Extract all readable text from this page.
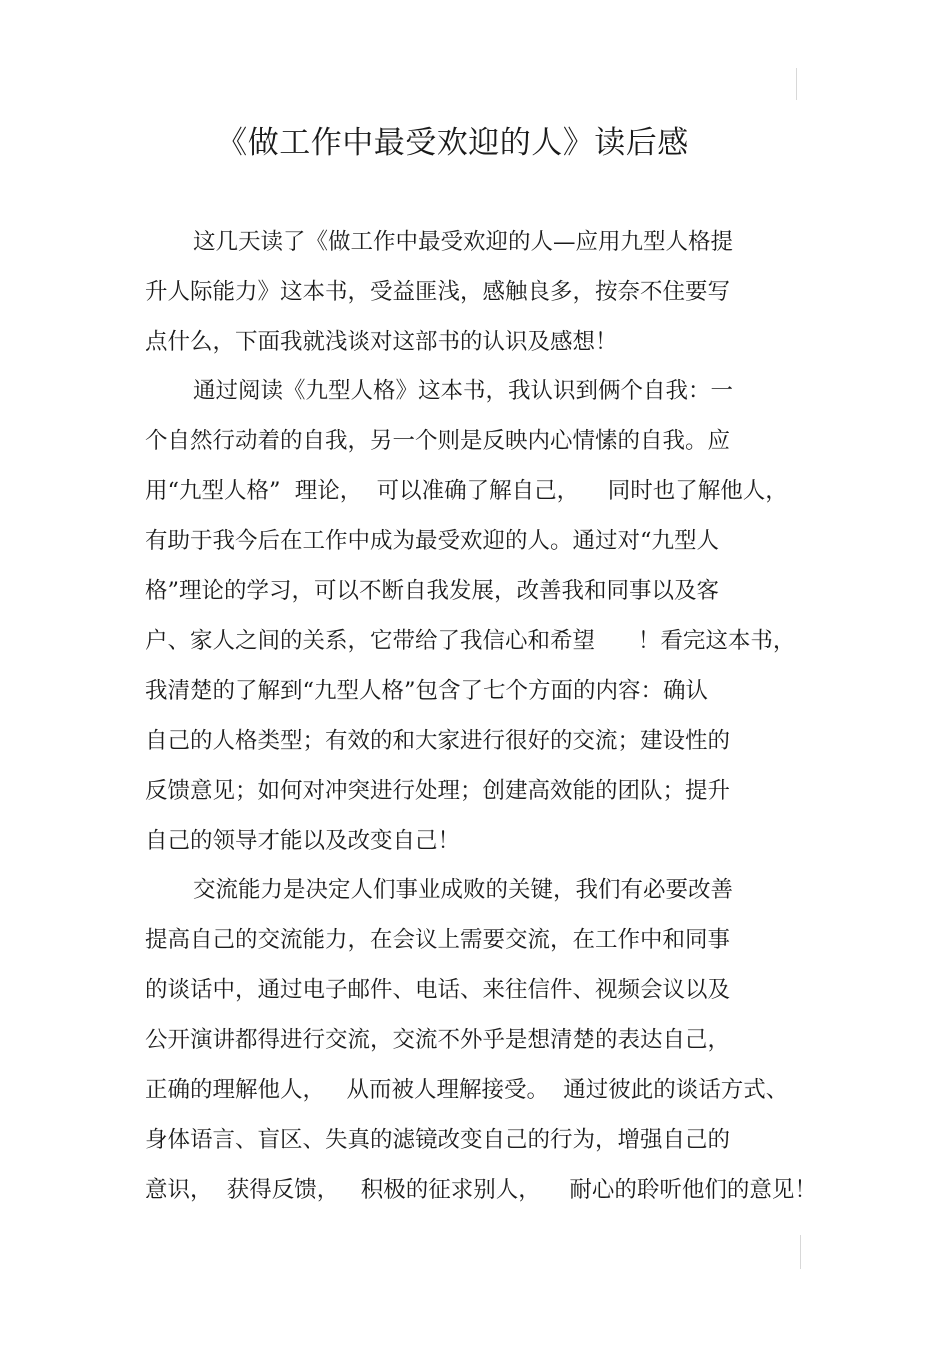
《做工作中最受欢迎的人》读后感
这几天读了《做工作中最受欢迎的人—应用九型人格提
升人际能力》这本书，受益匪浅，感触良多，按奈不住要写
点什么，下面我就浅谈对这部书的认识及感想！
通过阅读《九型人格》这本书，我认识到俩个自我：一
个自然行动着的自我，另一个则是反映内心情愫的自我。应
用“九型人格”  理论，  可以准确了解自己，    同时也了解他人，
有助于我今后在工作中成为最受欢迎的人。通过对“九型人
格”理论的学习，可以不断自我发展，改善我和同事以及客
户、家人之间的关系，它带给了我信心和希望      ！看完这本书，
我清楚的了解到“九型人格”包含了七个方面的内容：确认
自己的人格类型；有效的和大家进行很好的交流；建设性的
反馈意见；如何对冲突进行处理；创建高效能的团队；提升
自己的领导才能以及改变自己！
交流能力是决定人们事业成败的关键，我们有必要改善
提高自己的交流能力，在会议上需要交流，在工作中和同事
的谈话中，通过电子邮件、电话、来往信件、视频会议以及
公开演讲都得进行交流，交流不外乎是想清楚的表达自己，
正确的理解他人，   从而被人理解接受。  通过彼此的谈话方式、
身体语言、盲区、失真的滤镜改变自己的行为，增强自己的
意识，  获得反馈，   积极的征求别人，    耐心的聆听他们的意见！
